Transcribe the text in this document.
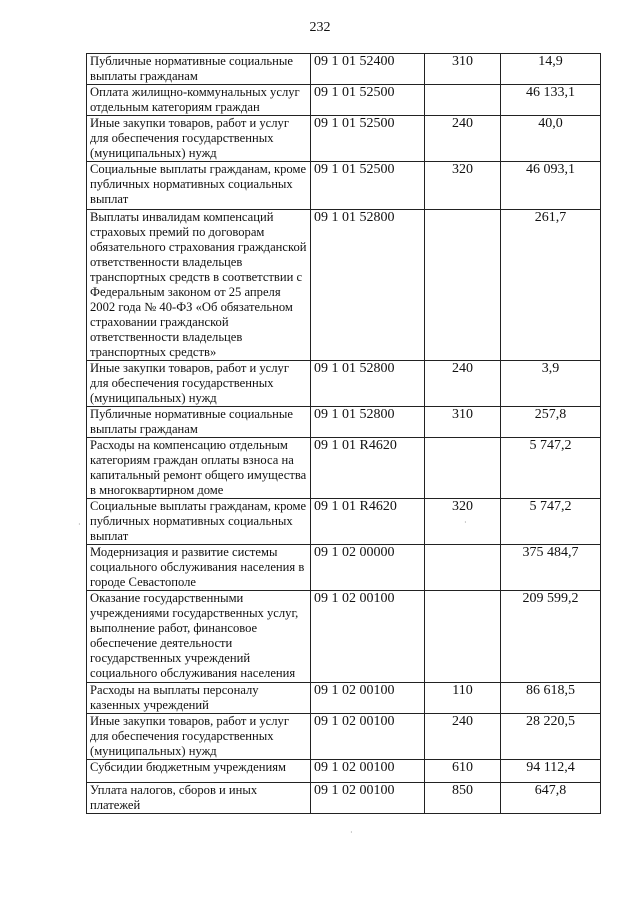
232
Публичные нормативные социальные выплаты гражданам	09 1 01 52400	310	14,9
Оплата жилищно-коммунальных услуг отдельным категориям граждан	09 1 01 52500		46 133,1
Иные закупки товаров, работ и услуг для обеспечения государственных (муниципальных) нужд	09 1 01 52500	240	40,0
Социальные выплаты гражданам, кроме публичных нормативных социальных выплат	09 1 01 52500	320	46 093,1
Выплаты инвалидам компенсаций страховых премий по договорам обязательного страхования гражданской ответственности владельцев транспортных средств в соответствии с Федеральным законом от 25 апреля 2002 года № 40-ФЗ «Об обязательном страховании гражданской ответственности владельцев транспортных средств»	09 1 01 52800		261,7
Иные закупки товаров, работ и услуг для обеспечения государственных (муниципальных) нужд	09 1 01 52800	240	3,9
Публичные нормативные социальные выплаты гражданам	09 1 01 52800	310	257,8
Расходы на компенсацию отдельным категориям граждан оплаты взноса на капитальный ремонт общего имущества в многоквартирном доме	09 1 01 R4620		5 747,2
Социальные выплаты гражданам, кроме публичных нормативных социальных выплат	09 1 01 R4620	320	5 747,2
Модернизация и развитие системы социального обслуживания населения в городе Севастополе	09 1 02 00000		375 484,7
Оказание государственными учреждениями государственных услуг, выполнение работ, финансовое обеспечение деятельности государственных учреждений социального обслуживания населения	09 1 02 00100		209 599,2
Расходы на выплаты персоналу казенных учреждений	09 1 02 00100	110	86 618,5
Иные закупки товаров, работ и услуг для обеспечения государственных (муниципальных) нужд	09 1 02 00100	240	28 220,5
Субсидии бюджетным учреждениям	09 1 02 00100	610	94 112,4
Уплата налогов, сборов и иных платежей	09 1 02 00100	850	647,8
·	·
·
